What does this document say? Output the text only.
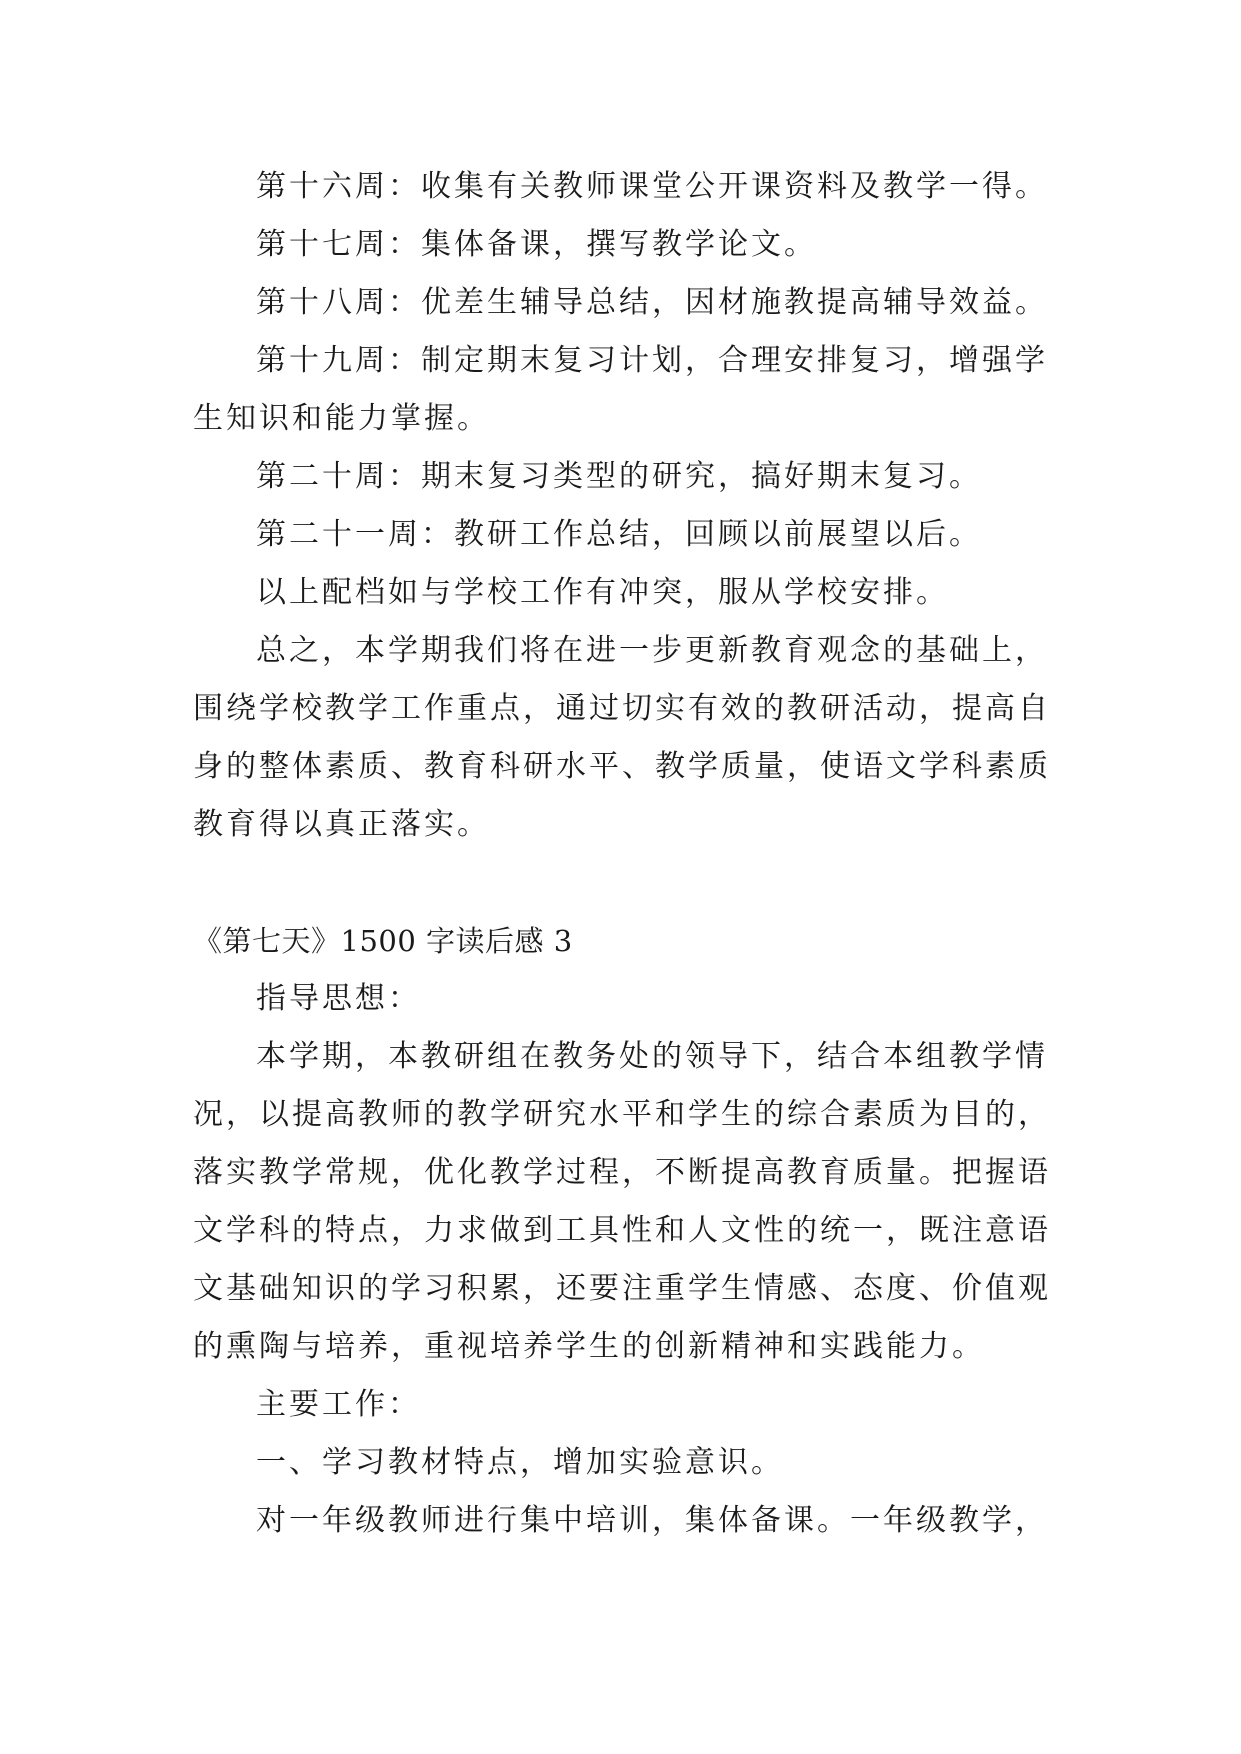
第十六周：收集有关教师课堂公开课资料及教学一得。
第十七周：集体备课，撰写教学论文。
第十八周：优差生辅导总结，因材施教提高辅导效益。
第十九周：制定期末复习计划，合理安排复习，增强学
生知识和能力掌握。
第二十周：期末复习类型的研究，搞好期末复习。
第二十一周：教研工作总结，回顾以前展望以后。
以上配档如与学校工作有冲突，服从学校安排。
总之，本学期我们将在进一步更新教育观念的基础上，
围绕学校教学工作重点，通过切实有效的教研活动，提高自
身的整体素质、教育科研水平、教学质量，使语文学科素质
教育得以真正落实。
《第七天》1500 字读后感 3
指导思想：
本学期，本教研组在教务处的领导下，结合本组教学情
况，以提高教师的教学研究水平和学生的综合素质为目的，
落实教学常规，优化教学过程，不断提高教育质量。把握语
文学科的特点，力求做到工具性和人文性的统一，既注意语
文基础知识的学习积累，还要注重学生情感、态度、价值观
的熏陶与培养，重视培养学生的创新精神和实践能力。
主要工作：
一、学习教材特点，增加实验意识。
对一年级教师进行集中培训，集体备课。一年级教学，
